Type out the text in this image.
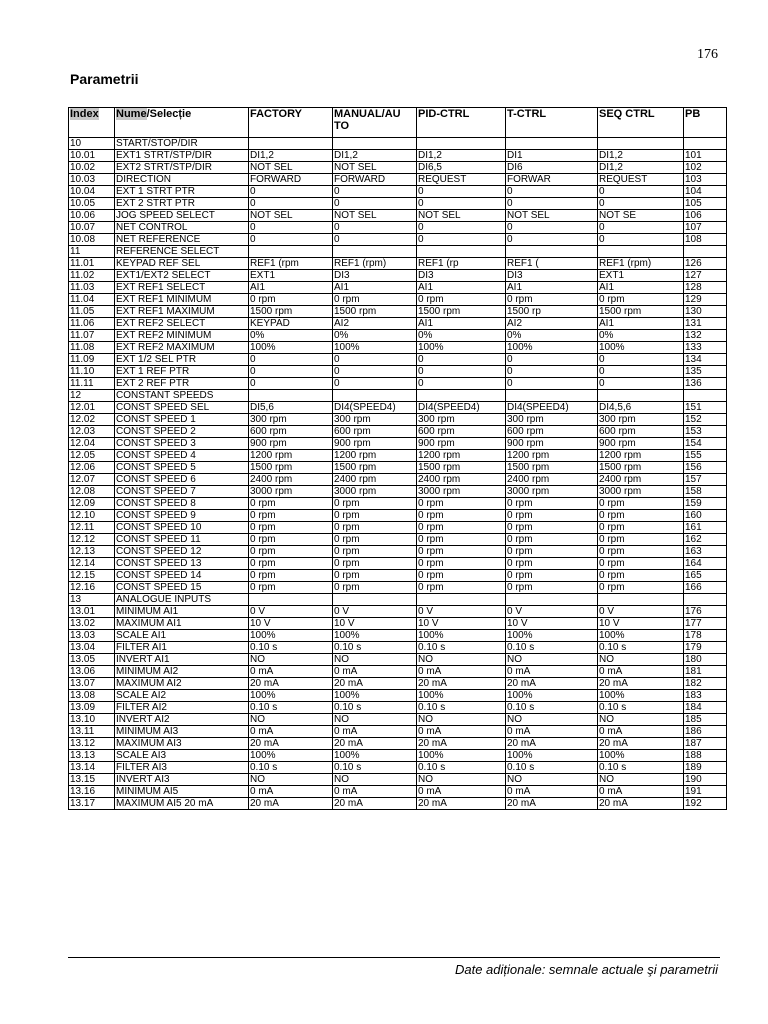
176
Parametrii
Index	Nume/Selecție	FACTORY	MANUAL/AU TO	PID-CTRL	T-CTRL	SEQ CTRL	PB
10	START/STOP/DIR						
10.01	EXT1 STRT/STP/DIR	DI1,2	DI1,2	DI1,2	DI1	DI1,2	101
10.02	EXT2 STRT/STP/DIR	NOT SEL	NOT SEL	DI6,5	DI6	DI1,2	102
10.03	DIRECTION	FORWARD	FORWARD	REQUEST	FORWAR	REQUEST	103
10.04	EXT 1 STRT PTR	0	0	0	0	0	104
10.05	EXT 2 STRT PTR	0	0	0	0	0	105
10.06	JOG SPEED SELECT	NOT SEL	NOT SEL	NOT SEL	NOT SEL	NOT SE	106
10.07	NET CONTROL	0	0	0	0	0	107
10.08	NET REFERENCE	0	0	0	0	0	108
11	REFERENCE SELECT						
11.01	KEYPAD REF SEL	REF1 (rpm	REF1 (rpm)	REF1 (rp	REF1 (	REF1 (rpm)	126
11.02	EXT1/EXT2 SELECT	EXT1	DI3	DI3	DI3	EXT1	127
11.03	EXT REF1 SELECT	AI1	AI1	AI1	AI1	AI1	128
11.04	EXT REF1 MINIMUM	0 rpm	0 rpm	0 rpm	0 rpm	0 rpm	129
11.05	EXT REF1 MAXIMUM	1500 rpm	1500 rpm	1500 rpm	1500 rp	1500 rpm	130
11.06	EXT REF2 SELECT	KEYPAD	AI2	AI1	AI2	AI1	131
11.07	EXT REF2 MINIMUM	0%	0%	0%	0%	0%	132
11.08	EXT REF2 MAXIMUM	100%	100%	100%	100%	100%	133
11.09	EXT 1/2 SEL PTR	0	0	0	0	0	134
11.10	EXT 1 REF PTR	0	0	0	0	0	135
11.11	EXT 2 REF PTR	0	0	0	0	0	136
12	CONSTANT SPEEDS						
12.01	CONST SPEED SEL	DI5,6	DI4(SPEED4)	DI4(SPEED4)	DI4(SPEED4)	DI4,5,6	151
12.02	CONST SPEED 1	300 rpm	300 rpm	300 rpm	300 rpm	300 rpm	152
12.03	CONST SPEED 2	600 rpm	600 rpm	600 rpm	600 rpm	600 rpm	153
12.04	CONST SPEED 3	900 rpm	900 rpm	900 rpm	900 rpm	900 rpm	154
12.05	CONST SPEED 4	1200 rpm	1200 rpm	1200 rpm	1200 rpm	1200 rpm	155
12.06	CONST SPEED 5	1500 rpm	1500 rpm	1500 rpm	1500 rpm	1500 rpm	156
12.07	CONST SPEED 6	2400 rpm	2400 rpm	2400 rpm	2400 rpm	2400 rpm	157
12.08	CONST SPEED 7	3000 rpm	3000 rpm	3000 rpm	3000 rpm	3000 rpm	158
12.09	CONST SPEED 8	0 rpm	0 rpm	0 rpm	0 rpm	0 rpm	159
12.10	CONST SPEED 9	0 rpm	0 rpm	0 rpm	0 rpm	0 rpm	160
12.11	CONST SPEED 10	0 rpm	0 rpm	0 rpm	0 rpm	0 rpm	161
12.12	CONST SPEED 11	0 rpm	0 rpm	0 rpm	0 rpm	0 rpm	162
12.13	CONST SPEED 12	0 rpm	0 rpm	0 rpm	0 rpm	0 rpm	163
12.14	CONST SPEED 13	0 rpm	0 rpm	0 rpm	0 rpm	0 rpm	164
12.15	CONST SPEED 14	0 rpm	0 rpm	0 rpm	0 rpm	0 rpm	165
12.16	CONST SPEED 15	0 rpm	0 rpm	0 rpm	0 rpm	0 rpm	166
13	ANALOGUE INPUTS						
13.01	MINIMUM AI1	0 V	0 V	0 V	0 V	0 V	176
13.02	MAXIMUM AI1	10 V	10 V	10 V	10 V	10 V	177
13.03	SCALE AI1	100%	100%	100%	100%	100%	178
13.04	FILTER AI1	0.10 s	0.10 s	0.10 s	0.10 s	0.10 s	179
13.05	INVERT AI1	NO	NO	NO	NO	NO	180
13.06	MINIMUM AI2	0 mA	0 mA	0 mA	0 mA	0 mA	181
13.07	MAXIMUM AI2	20 mA	20 mA	20 mA	20 mA	20 mA	182
13.08	SCALE AI2	100%	100%	100%	100%	100%	183
13.09	FILTER AI2	0.10 s	0.10 s	0.10 s	0.10 s	0.10 s	184
13.10	INVERT AI2	NO	NO	NO	NO	NO	185
13.11	MINIMUM AI3	0 mA	0 mA	0 mA	0 mA	0 mA	186
13.12	MAXIMUM AI3	20 mA	20 mA	20 mA	20 mA	20 mA	187
13.13	SCALE AI3	100%	100%	100%	100%	100%	188
13.14	FILTER AI3	0.10 s	0.10 s	0.10 s	0.10 s	0.10 s	189
13.15	INVERT AI3	NO	NO	NO	NO	NO	190
13.16	MINIMUM AI5	0 mA	0 mA	0 mA	0 mA	0 mA	191
13.17	MAXIMUM AI5 20 mA	20 mA	20 mA	20 mA	20 mA	20 mA	192
Date adiționale: semnale actuale şi parametrii
